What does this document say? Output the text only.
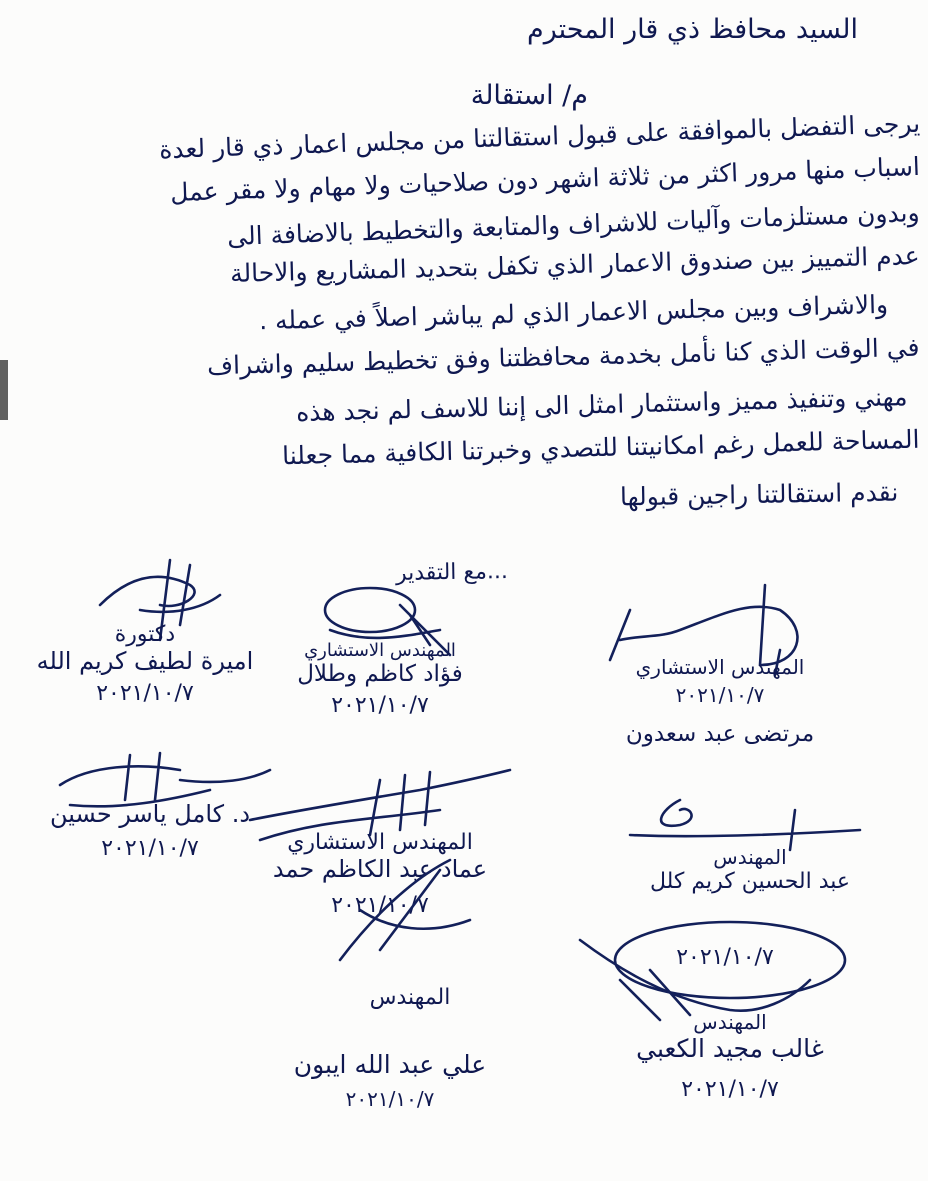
السيد محافظ ذي قار المحترم
م/ استقالة
يرجى التفضل بالموافقة على قبول استقالتنا من مجلس اعمار ذي قار لعدة
اسباب منها مرور اكثر من ثلاثة اشهر دون صلاحيات ولا مهام ولا مقر عمل
وبدون مستلزمات وآليات للاشراف والمتابعة والتخطيط بالاضافة الى
عدم التمييز بين صندوق الاعمار الذي تكفل بتحديد المشاريع والاحالة
والاشراف وبين مجلس الاعمار الذي لم يباشر اصلاً في عمله .
في الوقت الذي كنا نأمل بخدمة محافظتنا وفق تخطيط سليم واشراف
مهني وتنفيذ مميز واستثمار امثل الى إننا للاسف لم نجد هذه
المساحة للعمل رغم امكانيتنا للتصدي وخبرتنا الكافية مما جعلنا
نقدم استقالتنا راجين قبولها
...مع التقدير
دكتورة
اميرة لطيف كريم الله
٢٠٢١/١٠/٧
المهندس الاستشاري
فؤاد كاظم وطلال
٢٠٢١/١٠/٧
المهندس الاستشاري
٢٠٢١/١٠/٧
مرتضى عبد سعدون
د. كامل ياسر حسين
٢٠٢١/١٠/٧	المهندس الاستشاري
عماد عبد الكاظم حمد
٢٠٢١/١٠/٧
المهندس
عبد الحسين كريم كلل
٢٠٢١/١٠/٧
المهندس
علي عبد الله ايبون
٢٠٢١/١٠/٧
المهندس
غالب مجيد الكعبي
٢٠٢١/١٠/٧
